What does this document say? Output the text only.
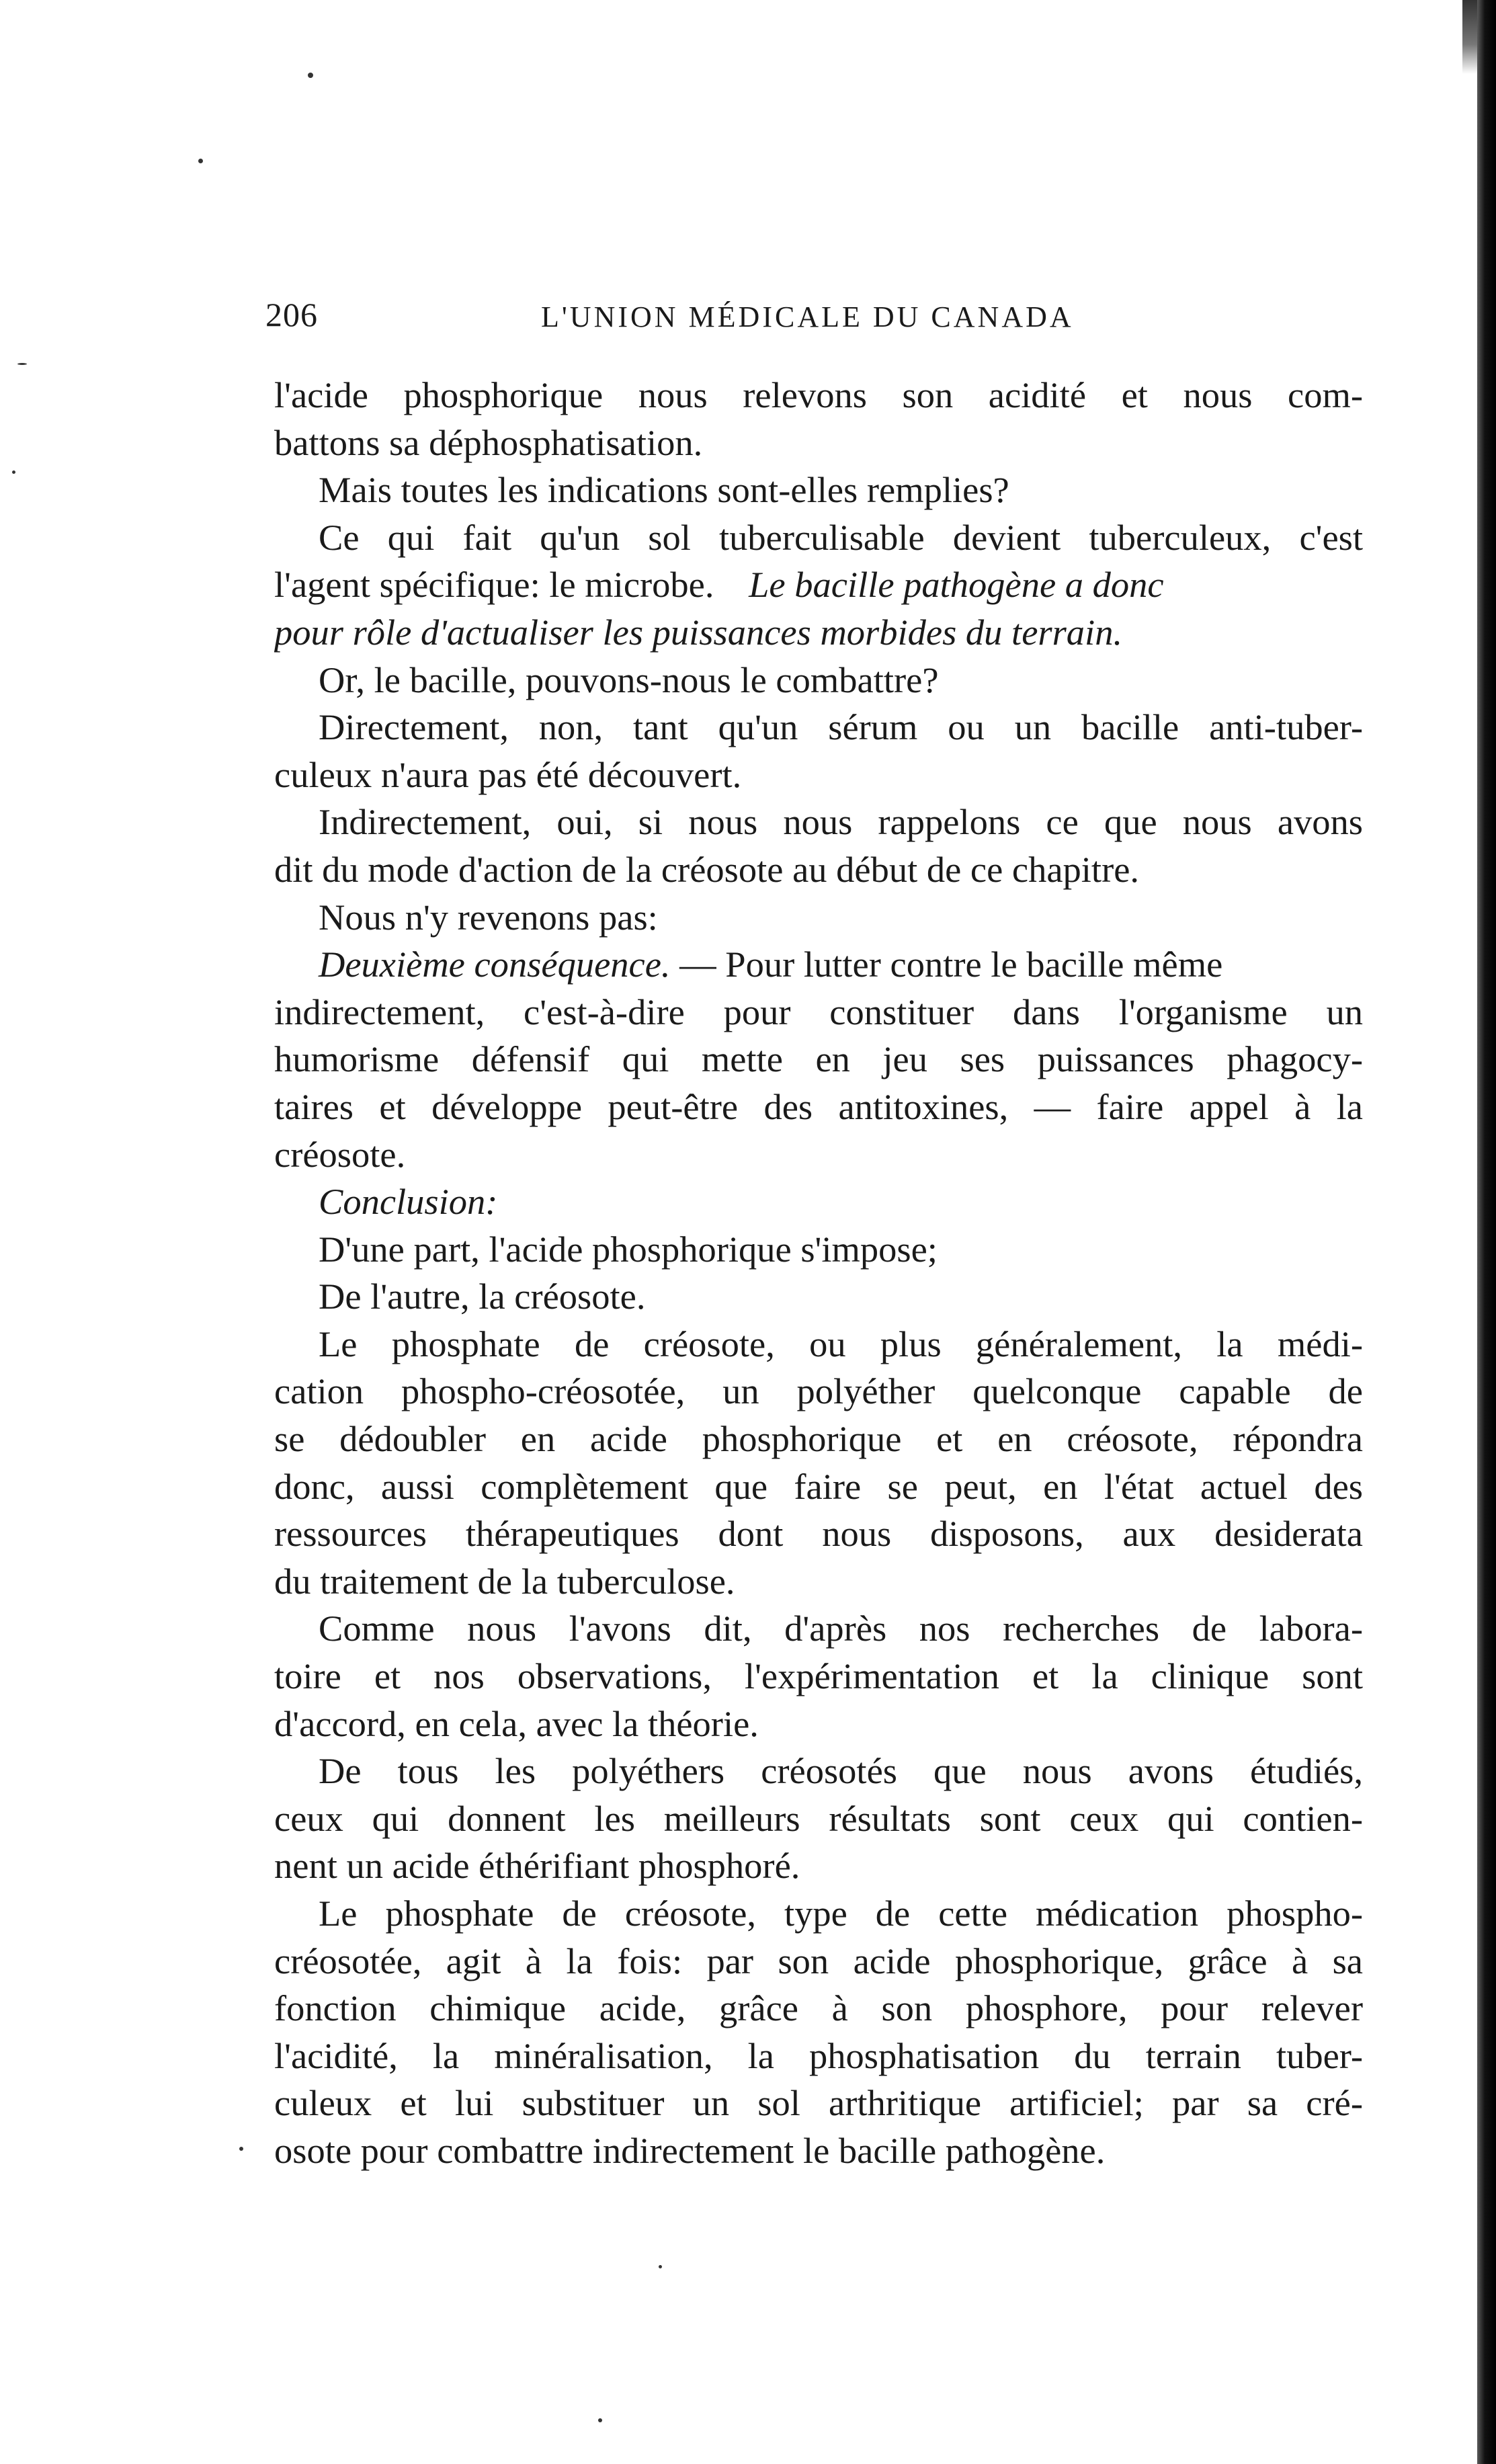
206	L'UNION MÉDICALE DU CANADA
l'acide phosphorique nous relevons son acidité et nous com-
battons sa déphosphatisation.
Mais toutes les indications sont-elles remplies?
Ce qui fait qu'un sol tuberculisable devient tuberculeux, c'est
l'agent spécifique: le microbe. Le bacille pathogène a donc
pour rôle d'actualiser les puissances morbides du terrain.
Or, le bacille, pouvons-nous le combattre?
Directement, non, tant qu'un sérum ou un bacille anti-tuber-
culeux n'aura pas été découvert.
Indirectement, oui, si nous nous rappelons ce que nous avons
dit du mode d'action de la créosote au début de ce chapitre.
Nous n'y revenons pas:
Deuxième conséquence. — Pour lutter contre le bacille même
indirectement, c'est-à-dire pour constituer dans l'organisme un
humorisme défensif qui mette en jeu ses puissances phagocy-
taires et développe peut-être des antitoxines, — faire appel à la
créosote.
Conclusion:
D'une part, l'acide phosphorique s'impose;
De l'autre, la créosote.
Le phosphate de créosote, ou plus généralement, la médi-
cation phospho-créosotée, un polyéther quelconque capable de
se dédoubler en acide phosphorique et en créosote, répondra
donc, aussi complètement que faire se peut, en l'état actuel des
ressources thérapeutiques dont nous disposons, aux desiderata
du traitement de la tuberculose.
Comme nous l'avons dit, d'après nos recherches de labora-
toire et nos observations, l'expérimentation et la clinique sont
d'accord, en cela, avec la théorie.
De tous les polyéthers créosotés que nous avons étudiés,
ceux qui donnent les meilleurs résultats sont ceux qui contien-
nent un acide éthérifiant phosphoré.
Le phosphate de créosote, type de cette médication phospho-
créosotée, agit à la fois: par son acide phosphorique, grâce à sa
fonction chimique acide, grâce à son phosphore, pour relever
l'acidité, la minéralisation, la phosphatisation du terrain tuber-
culeux et lui substituer un sol arthritique artificiel; par sa cré-
osote pour combattre indirectement le bacille pathogène.
